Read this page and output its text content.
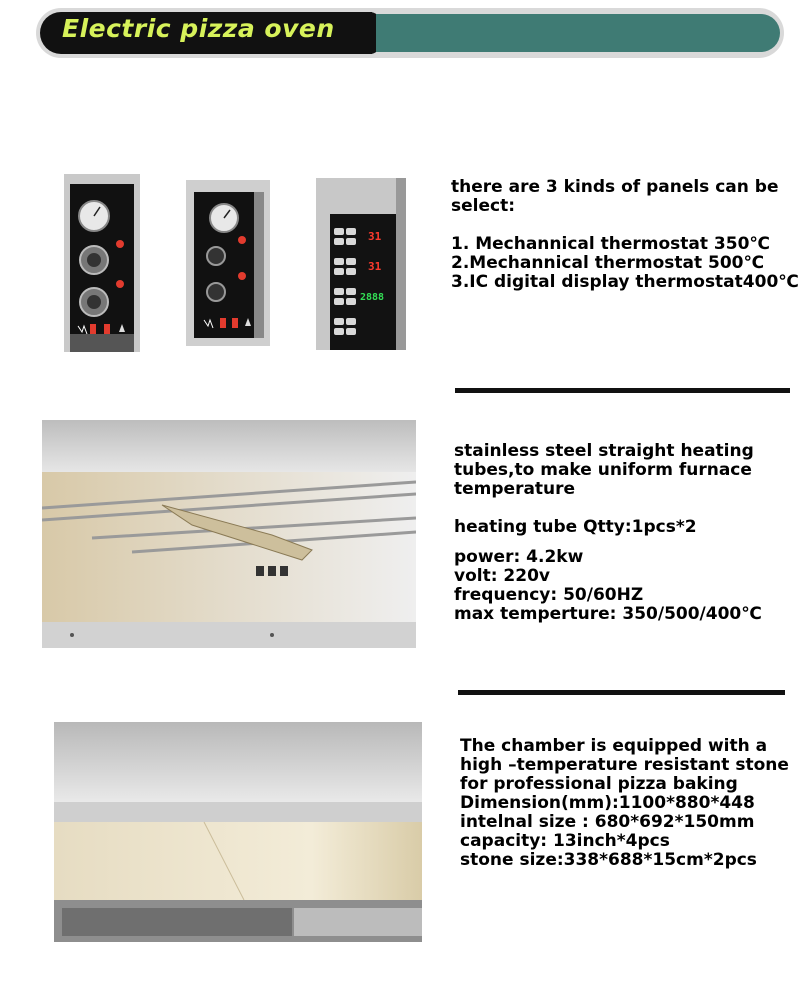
Electric pizza oven
31
31
2888
there are 3 kinds of panels can be
select:
1. Mechannical thermostat 350℃
2.Mechannical thermostat 500℃
3.IC digital display thermostat400℃
stainless steel straight heating
tubes,to make uniform furnace
temperature
heating tube Qtty:1pcs*2
power: 4.2kw
volt: 220v
frequency: 50/60HZ
max temperture: 350/500/400℃
The chamber is equipped with a
high –temperature resistant stone
for professional pizza baking
Dimension(mm):1100*880*448
intelnal size : 680*692*150mm
capacity: 13inch*4pcs
stone size:338*688*15cm*2pcs
